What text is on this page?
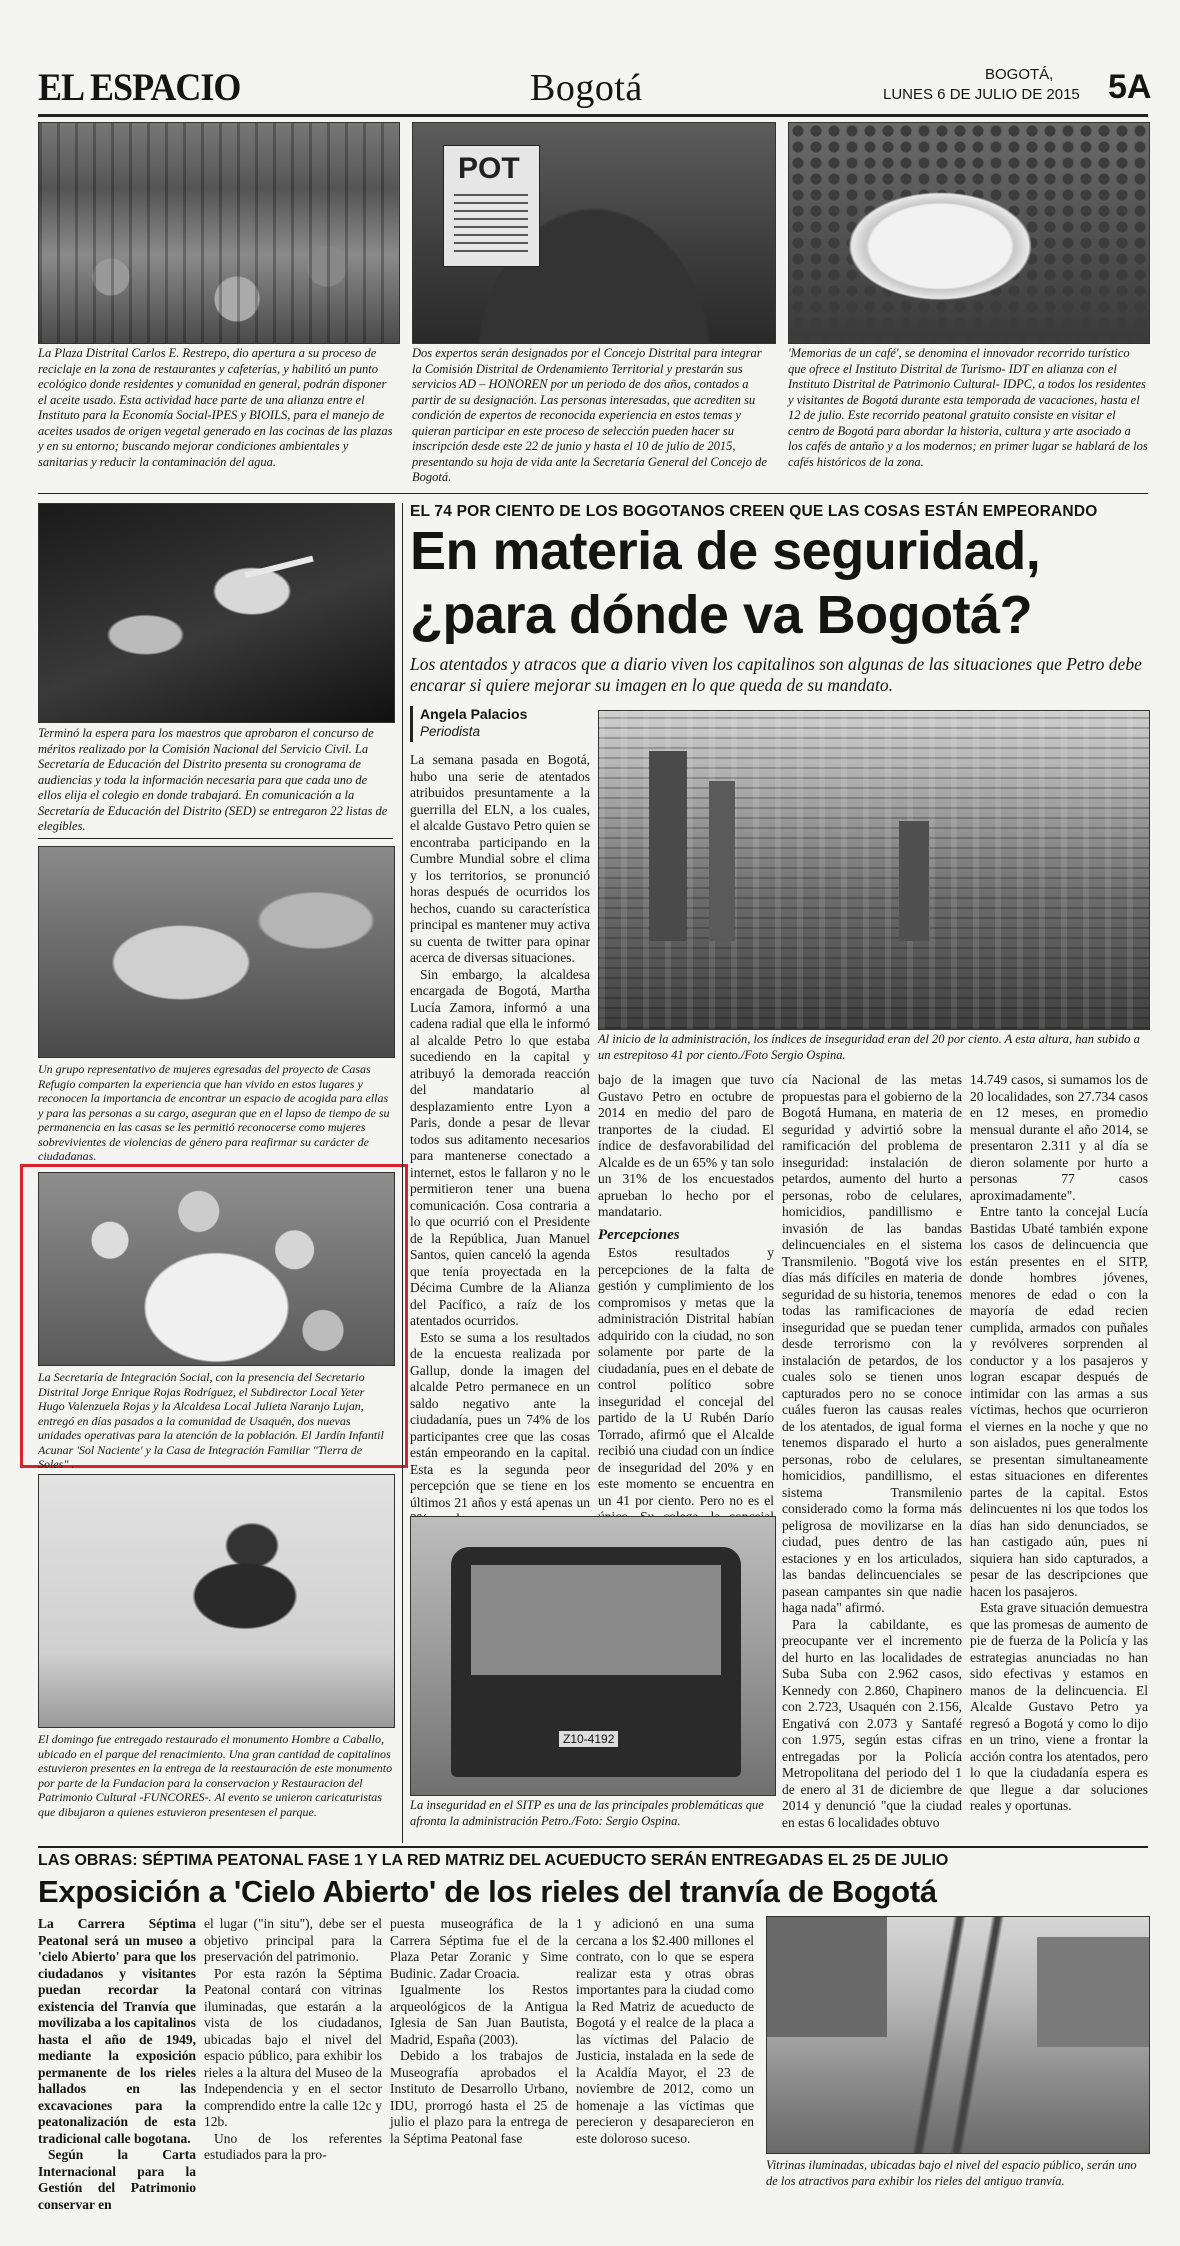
EL ESPACIO	Bogotá	BOGOTÁ,
LUNES 6 DE JULIO DE 2015 5A
POT
La Plaza Distrital Carlos E. Restrepo, dio apertura a su proceso de reciclaje en la zona de restaurantes y cafeterías, y habilitó un punto ecológico donde residentes y comunidad en general, podrán disponer el aceite usado. Esta actividad hace parte de una alianza entre el Instituto para la Economía Social-IPES y BIOILS, para el manejo de aceites usados de origen vegetal generado en las cocinas de las plazas y en su entorno; buscando mejorar condiciones ambientales y sanitarias y reducir la contaminación del agua.
Dos expertos serán designados por el Concejo Distrital para integrar la Comisión Distrital de Ordenamiento Territorial y prestarán sus servicios AD – HONOREN por un periodo de dos años, contados a partir de su designación. Las personas interesadas, que acrediten su condición de expertos de reconocida experiencia en estos temas y quieran participar en este proceso de selección pueden hacer su inscripción desde este 22 de junio y hasta el 10 de julio de 2015, presentando su hoja de vida ante la Secretaría General del Concejo de Bogotá.
'Memorias de un café', se denomina el innovador recorrido turístico que ofrece el Instituto Distrital de Turismo- IDT en alianza con el Instituto Distrital de Patrimonio Cultural- IDPC, a todos los residentes y visitantes de Bogotá durante esta temporada de vacaciones, hasta el 12 de julio. Este recorrido peatonal gratuito consiste en visitar el centro de Bogotá para abordar la historia, cultura y arte asociado a los cafés de antaño y a los modernos; en primer lugar se hablará de los cafés históricos de la zona.
Terminó la espera para los maestros que aprobaron el concurso de méritos realizado por la Comisión Nacional del Servicio Civil. La Secretaría de Educación del Distrito presenta su cronograma de audiencias y toda la información necesaria para que cada uno de ellos elija el colegio en donde trabajará. En comunicación a la Secretaría de Educación del Distrito (SED) se entregaron 22 listas de elegibles.
Un grupo representativo de mujeres egresadas del proyecto de Casas Refugio comparten la experiencia que han vivido en estos lugares y reconocen la importancia de encontrar un espacio de acogida para ellas y para las personas a su cargo, aseguran que en el lapso de tiempo de su permanencia en las casas se les permitió reconocerse como mujeres sobrevivientes de violencias de género para reafirmar su carácter de ciudadanas.
La Secretaría de Integración Social, con la presencia del Secretario Distrital Jorge Enrique Rojas Rodríguez, el Subdirector Local Yeter Hugo Valenzuela Rojas y la Alcaldesa Local Julieta Naranjo Lujan, entregó en días pasados a la comunidad de Usaquén, dos nuevas unidades operativas para la atención de la población. El Jardín Infantil Acunar 'Sol Naciente' y la Casa de Integración Familiar "Tierra de Soles" .
El domingo fue entregado restaurado el monumento Hombre a Caballo, ubicado en el parque del renacimiento. Una gran cantidad de capitalinos estuvieron presentes en la entrega de la reestauración de este monumento por parte de la Fundacion para la conservacion y Restauracion del Patrimonio Cultural -FUNCORES-. Al evento se unieron caricaturistas que dibujaron a quienes estuvieron presentesen el parque.
EL 74 POR CIENTO DE LOS BOGOTANOS CREEN QUE LAS COSAS ESTÁN EMPEORANDO
En materia de seguridad,
¿para dónde va Bogotá?
Los atentados y atracos que a diario viven los capitalinos son algunas de las situaciones que Petro debe encarar si quiere mejorar su imagen en lo que queda de su mandato.
Angela Palacios
Periodista
Al inicio de la administración, los índices de inseguridad eran del 20 por ciento. A esta altura, han subido a un estrepitoso 41 por ciento./Foto Sergio Ospina.

La semana pasada en Bogotá, hubo una serie de atentados atribuidos presuntamente a la guerrilla del ELN, a los cuales, el alcalde Gustavo Petro quien se encontraba participando en la Cumbre Mundial sobre el clima y los territorios, se pronunció horas después de ocurridos los hechos, cuando su característica principal es mantener muy activa su cuenta de twitter para opinar acerca de diversas situaciones.

Sin embargo, la alcaldesa encargada de Bogotá, Martha Lucía Zamora, informó a una cadena radial que ella le informó al alcalde Petro lo que estaba sucediendo en la capital y atribuyó la demorada reacción del mandatario al desplazamiento entre Lyon a Paris, donde a pesar de llevar todos sus aditamento necesarios para mantenerse conectado a internet, estos le fallaron y no le permitieron tener una buena comunicación. Cosa contraria a lo que ocurrió con el Presidente de la República, Juan Manuel Santos, quien canceló la agenda que tenía proyectada en la Décima Cumbre de la Alianza del Pacífico, a raíz de los atentados ocurridos.

Esto se suma a los resultados de la encuesta realizada por Gallup, donde la imagen del alcalde Petro permanece en un saldo negativo ante la ciudadanía, pues un 74% de los participantes cree que las cosas están empeorando en la capital. Esta es la segunda peor percepción que se tiene en los últimos 21 años y está apenas un

bajo de la imagen que tuvo Gustavo Petro en octubre de 2014 en medio del paro de tranportes de la ciudad. El índice de desfavorabilidad del Alcalde es de un 65% y tan solo un 31% de los encuestados aprueban lo hecho por el mandatario.

Percepciones

Estos resultados y percepciones de la falta de gestión y cumplimiento de los compromisos y metas que la administración Distrital habían adquirido con la ciudad, no son solamente por parte de la ciudadanía, pues en el debate de control político sobre inseguridad el concejal del partido de la U Rubén Darío Torrado, afirmó que el Alcalde recibió una ciudad con un índice de inseguridad del 20% y en este momento se encuentra en un 41 por ciento. Pero no es el

Z10-4192
La inseguridad en el SITP es una de las principales problemáticas que afronta la administración Petro./Foto: Sergio Ospina.

cía Nacional de las metas propuestas para el gobierno de la Bogotá Humana, en materia de seguridad y advirtió sobre la ramificación del problema de inseguridad: instalación de petardos, aumento del hurto a personas, robo de celulares, homicidios, pandillismo e invasión de las bandas delincuenciales en el sistema Transmilenio. "Bogotá vive los días más difíciles en materia de seguridad de su historia, tenemos todas las ramificaciones de inseguridad que se puedan tener desde terrorismo con la instalación de petardos, de los cuales solo se tienen unos capturados pero no se conoce cuáles fueron las causas reales de los atentados, de igual forma tenemos disparado el hurto a personas, robo de celulares, homicidios, pandillismo, el sistema Transmilenio considerado como la forma más peligrosa de movilizarse en la ciudad, pues dentro de las estaciones y en los articulados, las bandas delincuenciales se pasean campantes sin que nadie haga nada" afirmó.

Para la cabildante, es preocupante ver el incremento del hurto en las localidades de Suba Suba con 2.962 casos, Kennedy con 2.860, Chapinero con 2.723, Usaquén con 2.156, Engativá con 2.073 y Santafé con 1.975, según estas cifras entregadas por la Policía Metropolitana del periodo del 1 de enero al 31 de diciembre de 2014 y denunció "que la ciudad en estas 6 localidades obtuvo

14.749 casos, si sumamos los de 20 localidades, son 27.734 casos en 12 meses, en promedio mensual durante el año 2014, se presentaron 2.311 y al día se dieron solamente por hurto a personas 77 casos aproximadamente".

Entre tanto la concejal Lucía Bastidas Ubaté también expone los casos de delincuencia que están presentes en el SITP, donde hombres jóvenes, menores de edad o con la mayoría de edad recien cumplida, armados con puñales y revólveres sorprenden al conductor y a los pasajeros y logran escapar después de intimidar con las armas a sus víctimas, hechos que ocurrieron el viernes en la noche y que no son aislados, pues generalmente se presentan simultaneamente estas situaciones en diferentes partes de la capital. Estos delincuentes ni los que todos los días han sido denunciados, se han castigado aún, pues ni siquiera han sido capturados, a pesar de las descripciones que hacen los pasajeros.

Esta grave situación demuestra que las promesas de aumento de pie de fuerza de la Policía y las estrategias anunciadas no han sido efectivas y estamos en manos de la delincuencia. El Alcalde Gustavo Petro ya regresó a Bogotá y como lo dijo en un trino, viene a frontar la acción contra los atentados, pero lo que la ciudadanía espera es que llegue a dar soluciones reales y oportunas.

LAS OBRAS: SÉPTIMA PEATONAL FASE 1 Y LA RED MATRIZ DEL ACUEDUCTO SERÁN ENTREGADAS EL 25 DE JULIO
Exposición a 'Cielo Abierto' de los rieles del tranvía de Bogotá

La Carrera Séptima Peatonal será un museo a 'cielo Abierto' para que los ciudadanos y visitantes puedan recordar la existencia del Tranvía que movilizaba a los capitalinos hasta el año de 1949, mediante la exposición permanente de los rieles hallados en las excavaciones para la peatonalización de esta tradicional calle bogotana.

Según la Carta Internacional para la Gestión del Patrimonio conservar en

el lugar ("in situ"), debe ser el objetivo principal para la preservación del patrimonio.

Por esta razón la Séptima Peatonal contará con vitrinas iluminadas, que estarán a la vista de los ciudadanos, ubicadas bajo el nivel del espacio público, para exhibir los rieles a la altura del Museo de la Independencia y en el sector comprendido entre la calle 12c y 12b.

Uno de los referentes estudiados para la pro-

puesta museográfica de la Carrera Séptima fue el de la Plaza Petar Zoranic y Sime Budinic. Zadar Croacia.

Igualmente los Restos arqueológicos de la Antigua Iglesia de San Juan Bautista, Madrid, España (2003).

Debido a los trabajos de Museografía aprobados el Instituto de Desarrollo Urbano, IDU, prorrogó hasta el 25 de julio el plazo para la entrega de la Séptima Peatonal fase

1 y adicionó en una suma cercana a los $2.400 millones el contrato, con lo que se espera realizar esta y otras obras importantes para la ciudad como la Red Matriz de acueducto de Bogotá y el realce de la placa a las víctimas del Palacio de Justicia, instalada en la sede de la Acaldía Mayor, el 23 de noviembre de 2012, como un homenaje a las víctimas que perecieron y desaparecieron en este doloroso suceso.

Vitrinas iluminadas, ubicadas bajo el nivel del espacio público, serán uno de los atractivos para exhibir los rieles del antiguo tranvía.
